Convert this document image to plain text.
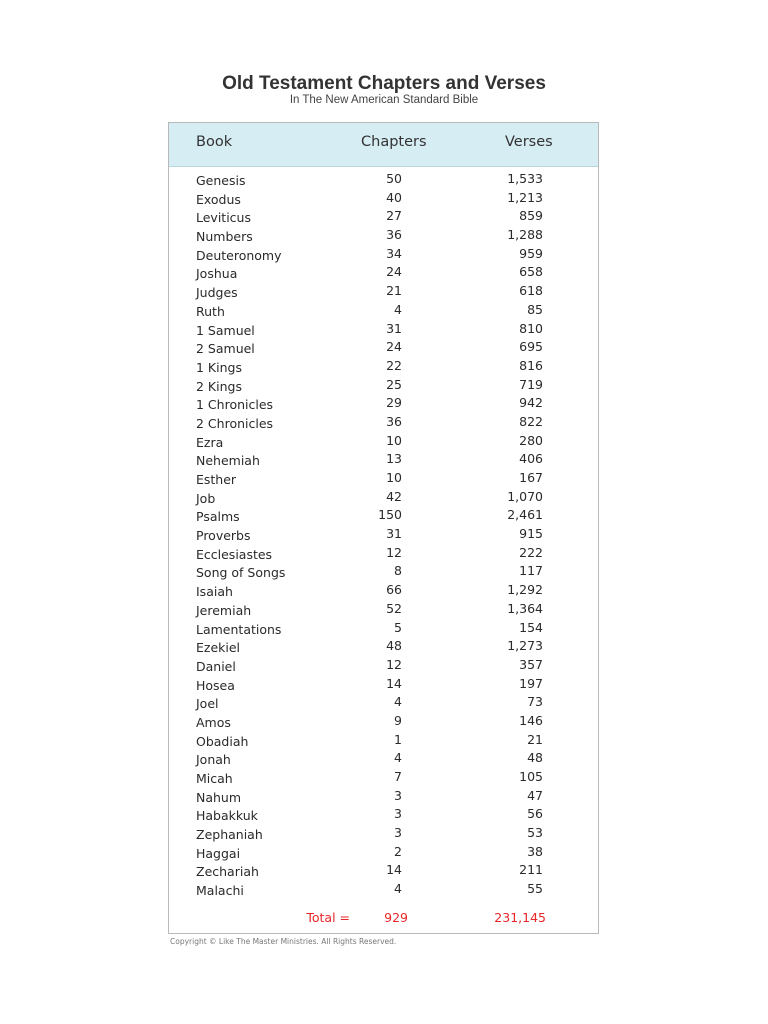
Old Testament Chapters and Verses
In The New American Standard Bible
Book	Chapters	Verses
Genesis	50	1,533
Exodus	40	1,213
Leviticus	27	859
Numbers	36	1,288
Deuteronomy	34	959
Joshua	24	658
Judges	21	618
Ruth	4	85
1 Samuel	31	810
2 Samuel	24	695
1 Kings	22	816
2 Kings	25	719
1 Chronicles	29	942
2 Chronicles	36	822
Ezra	10	280
Nehemiah	13	406
Esther	10	167
Job	42	1,070
Psalms	150	2,461
Proverbs	31	915
Ecclesiastes	12	222
Song of Songs	8	117
Isaiah	66	1,292
Jeremiah	52	1,364
Lamentations	5	154
Ezekiel	48	1,273
Daniel	12	357
Hosea	14	197
Joel	4	73
Amos	9	146
Obadiah	1	21
Jonah	4	48
Micah	7	105
Nahum	3	47
Habakkuk	3	56
Zephaniah	3	53
Haggai	2	38
Zechariah	14	211
Malachi	4	55
Total =	929	231,145
Copyright © Like The Master Ministries. All Rights Reserved.
